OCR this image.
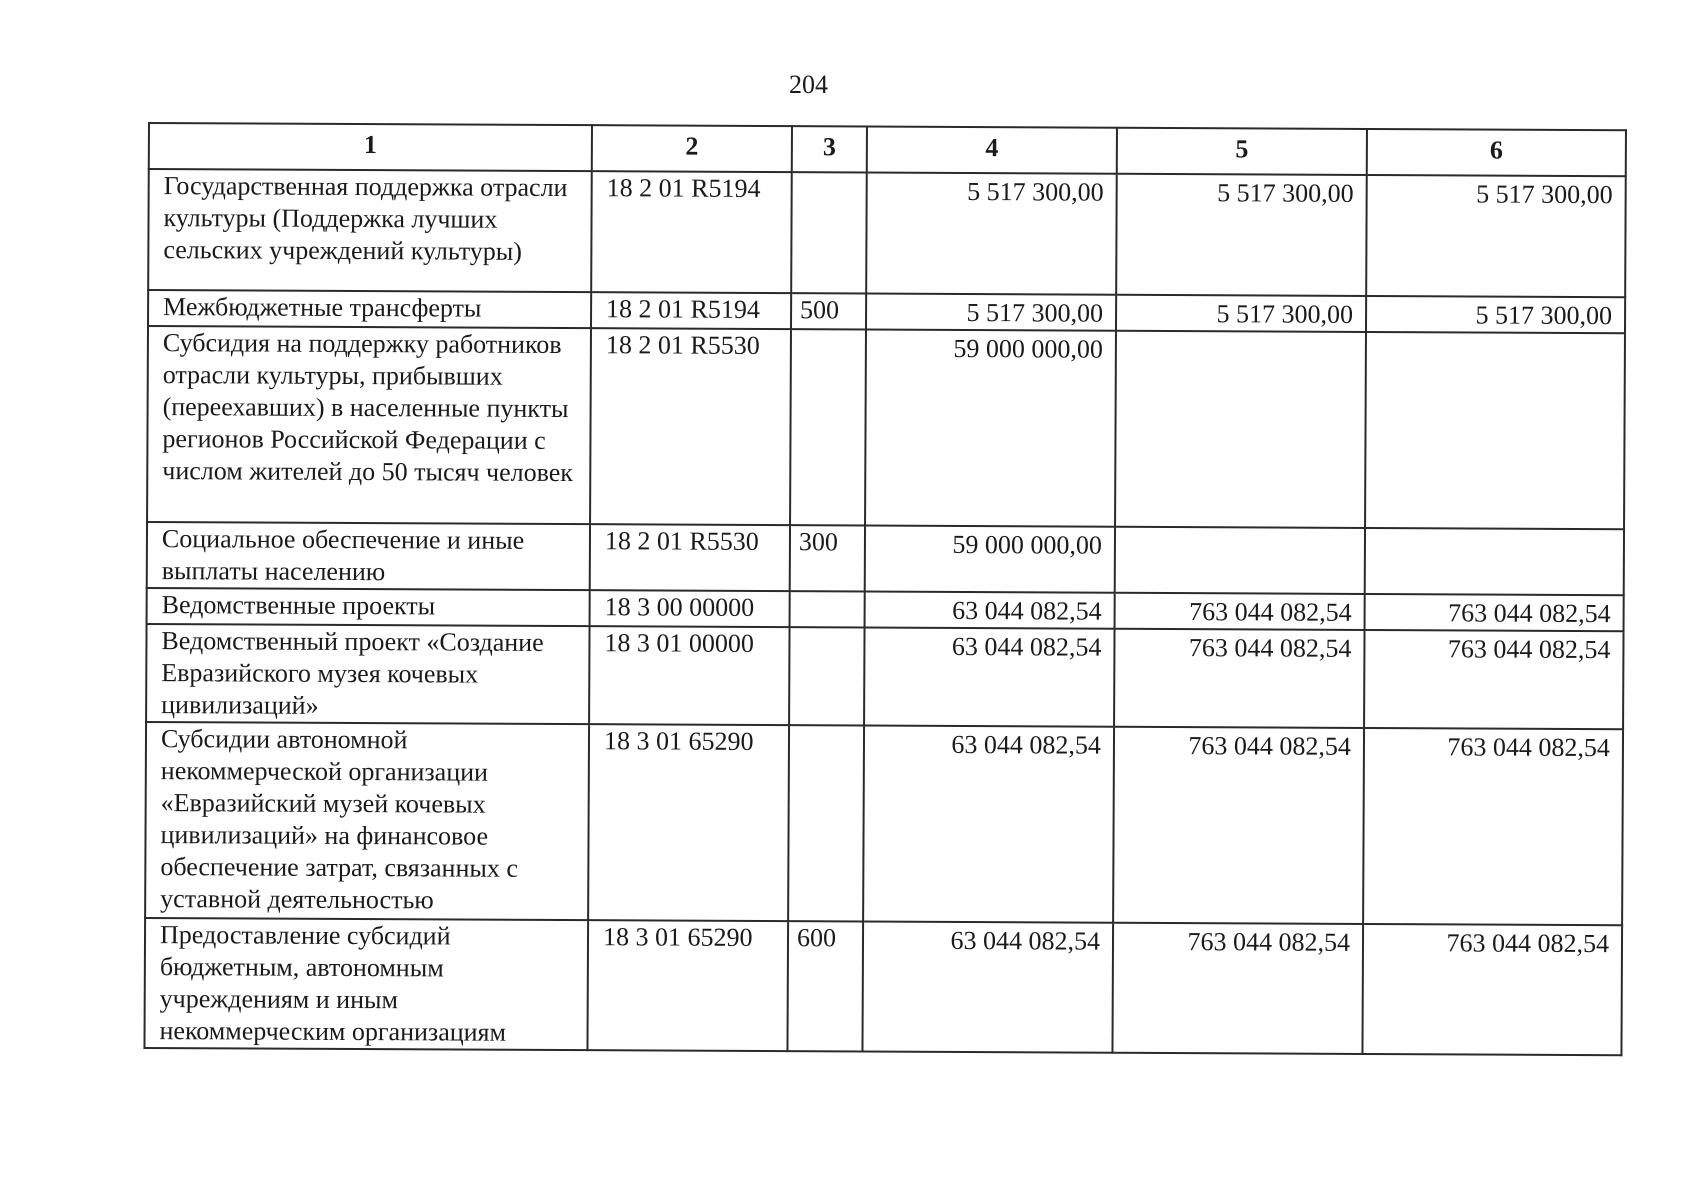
204
1	2	3	4	5	6
Государственная поддержка отрасли культуры (Поддержка лучших сельских учреждений культуры)	18 2 01 R5194		5 517 300,00	5 517 300,00	5 517 300,00
Межбюджетные трансферты	18 2 01 R5194	500	5 517 300,00	5 517 300,00	5 517 300,00
Субсидия на поддержку работников отрасли культуры, прибывших (переехавших) в населенные пункты регионов Российской Федерации с числом жителей до 50 тысяч человек	18 2 01 R5530		59 000 000,00		
Социальное обеспечение и иные выплаты населению	18 2 01 R5530	300	59 000 000,00		
Ведомственные проекты	18 3 00 00000		63 044 082,54	763 044 082,54	763 044 082,54
Ведомственный проект «Создание Евразийского музея кочевых цивилизаций»	18 3 01 00000		63 044 082,54	763 044 082,54	763 044 082,54
Субсидии автономной некоммерческой организации «Евразийский музей кочевых цивилизаций» на финансовое обеспечение затрат, связанных с уставной деятельностью	18 3 01 65290		63 044 082,54	763 044 082,54	763 044 082,54
Предоставление субсидий бюджетным, автономным учреждениям и иным некоммерческим организациям	18 3 01 65290	600	63 044 082,54	763 044 082,54	763 044 082,54
